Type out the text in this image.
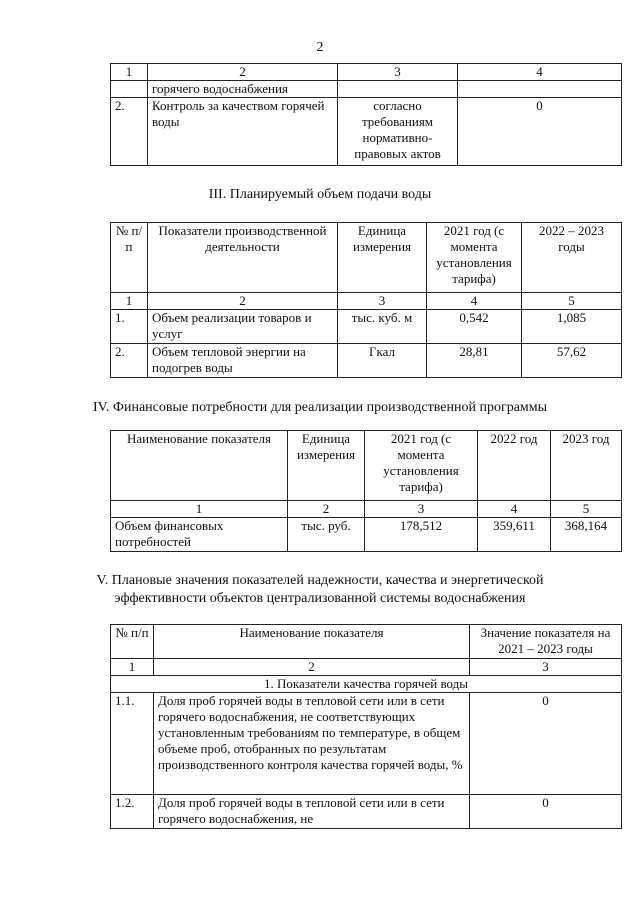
2
1	2	3	4
	горячего водоснабжения		
2.	Контроль за качеством горячей воды	согласно требованиям нормативно-правовых актов	0
III. Планируемый объем подачи воды
№ п/п	Показатели производственной деятельности	Единица измерения	2021 год (с момента установления тарифа)	2022 – 2023 годы
1	2	3	4	5
1.	Объем реализации товаров и услуг	тыс. куб. м	0,542	1,085
2.	Объем тепловой энергии на подогрев воды	Гкал	28,81	57,62
IV. Финансовые потребности для реализации производственной программы
Наименование показателя	Единица измерения	2021 год (с момента установления тарифа)	2022 год	2023 год
1	2	3	4	5
Объем финансовых потребностей	тыс. руб.	178,512	359,611	368,164
V. Плановые значения показателей надежности, качества и энергетической
эффективности объектов централизованной системы водоснабжения
№ п/п	Наименование показателя	Значение показателя на 2021 – 2023 годы
1	2	3
1. Показатели качества горячей воды		
1.1.	Доля проб горячей воды в тепловой сети или в сети горячего водоснабжения, не соответствующих установленным требованиям по температуре, в общем объеме проб, отобранных по результатам производственного контроля качества горячей воды, %	0
1.2.	Доля проб горячей воды в тепловой сети или в сети горячего водоснабжения, не	0
